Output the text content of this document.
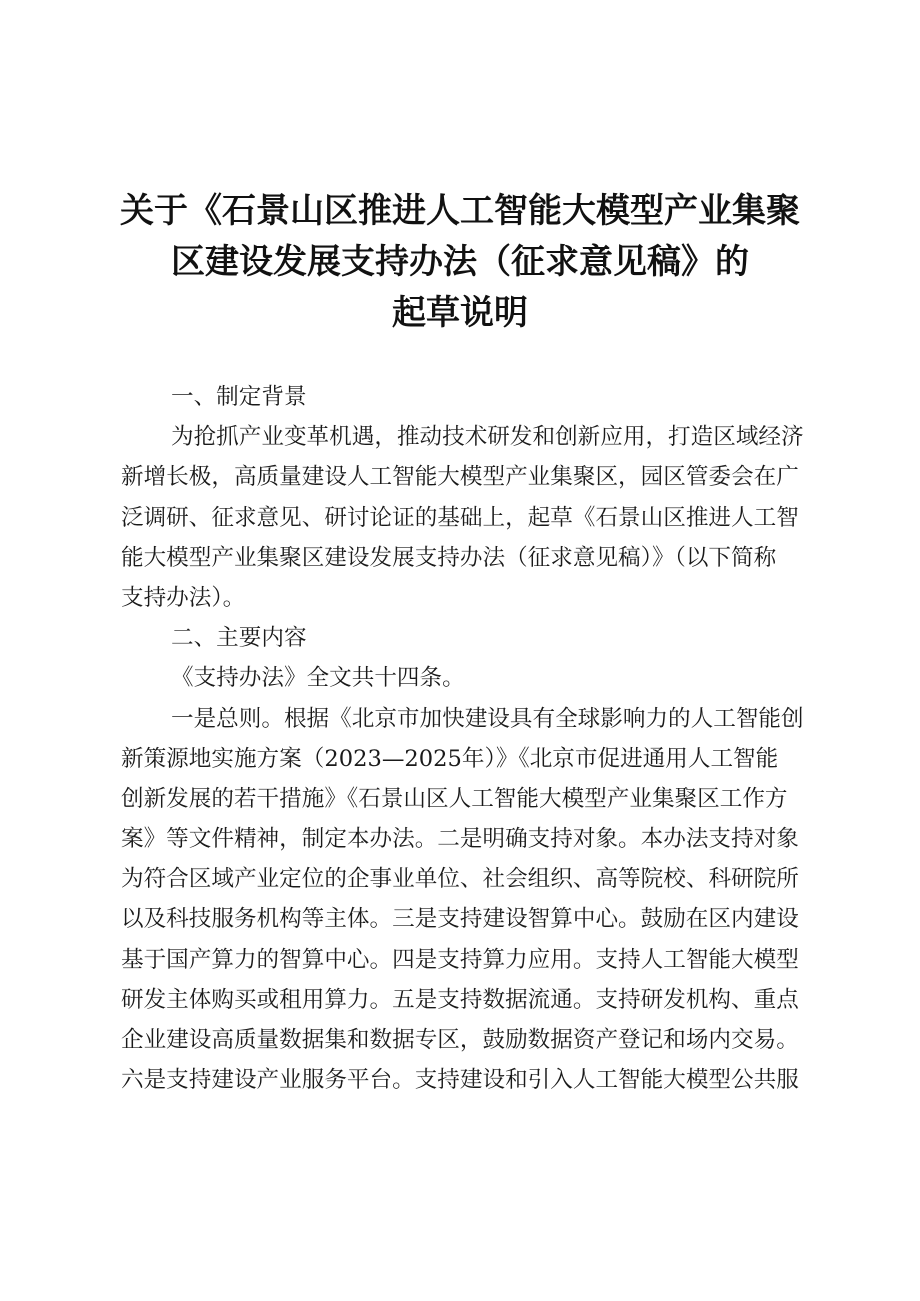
关于《石景山区推进人工智能大模型产业集聚
区建设发展支持办法（征求意见稿》的
起草说明
一、制定背景
为抢抓产业变革机遇，推动技术研发和创新应用，打造区域经济
新增长极，高质量建设人工智能大模型产业集聚区，园区管委会在广
泛调研、征求意见、研讨论证的基础上，起草《石景山区推进人工智
能大模型产业集聚区建设发展支持办法（征求意见稿）》（以下简称
支持办法）。
二、主要内容
《支持办法》全文共十四条。
一是总则。根据《北京市加快建设具有全球影响力的人工智能创
新策源地实施方案（2023—2025年）》《北京市促进通用人工智能
创新发展的若干措施》《石景山区人工智能大模型产业集聚区工作方
案》等文件精神，制定本办法。二是明确支持对象。本办法支持对象
为符合区域产业定位的企事业单位、社会组织、高等院校、科研院所
以及科技服务机构等主体。三是支持建设智算中心。鼓励在区内建设
基于国产算力的智算中心。四是支持算力应用。支持人工智能大模型
研发主体购买或租用算力。五是支持数据流通。支持研发机构、重点
企业建设高质量数据集和数据专区，鼓励数据资产登记和场内交易。
六是支持建设产业服务平台。支持建设和引入人工智能大模型公共服
